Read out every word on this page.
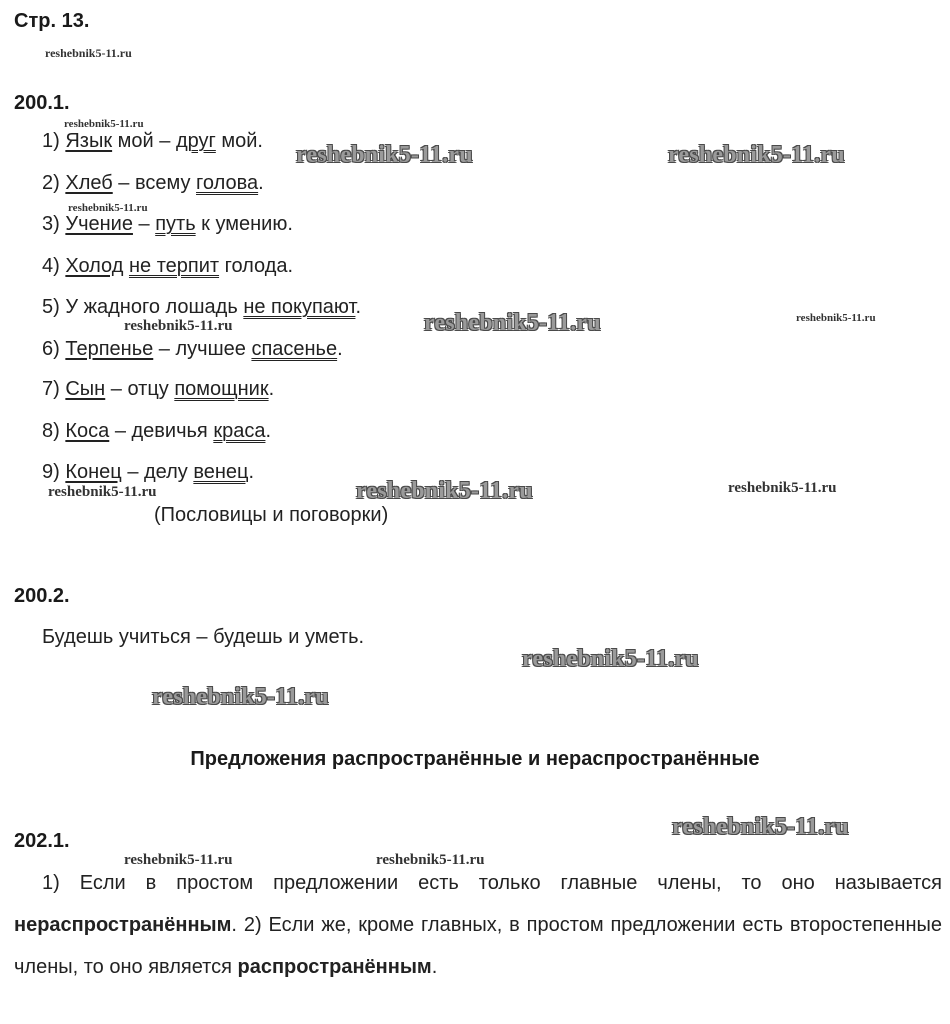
Стр. 13.
200.1.
1) Язык мой – друг мой.
2) Хлеб – всему голова.
3) Учение – путь к умению.
4) Холод не терпит голода.
5) У жадного лошадь не покупают.
6) Терпенье – лучшее спасенье.
7) Сын – отцу помощник.
8) Коса – девичья краса.
9) Конец – делу венец.
(Пословицы и поговорки)
200.2.
Будешь учиться – будешь и уметь.
Предложения распространённые и нераспространённые
202.1.
1) Если в простом предложении есть только главные члены, то оно называется нераспространённым. 2) Если же, кроме главных, в простом предложении есть второстепенные члены, то оно является распространённым.
reshebnik5-11.ru
reshebnik5-11.ru
reshebnik5-11.ru
reshebnik5-11.ru	reshebnik5-11.ru
reshebnik5-11.ru	reshebnik5-11.ru
reshebnik5-11.ru	reshebnik5-11.ru
reshebnik5-11.ru	reshebnik5-11.ru
reshebnik5-11.ru
reshebnik5-11.ru
reshebnik5-11.ru
reshebnik5-11.ru
reshebnik5-11.ru
